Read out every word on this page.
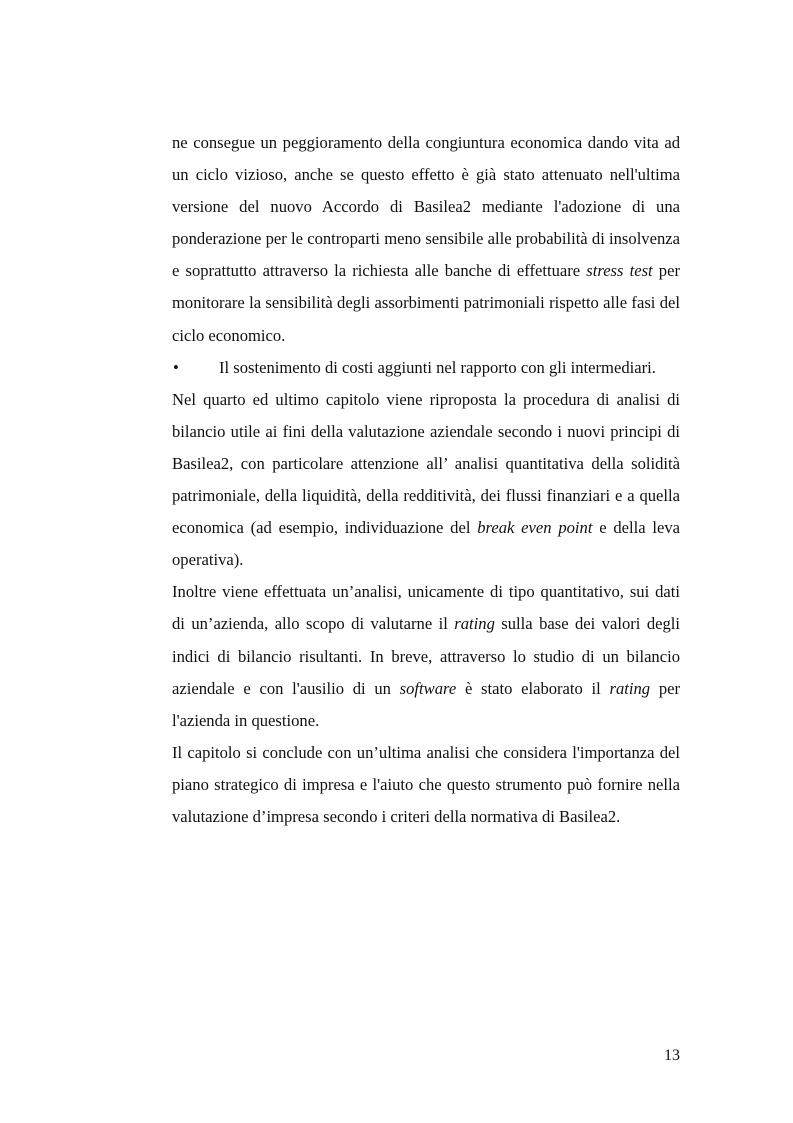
ne consegue un peggioramento della congiuntura economica dando vita ad un ciclo vizioso, anche se questo effetto è già stato attenuato nell'ultima versione del nuovo Accordo di Basilea2 mediante l'adozione di una ponderazione per le controparti meno sensibile alle probabilità di insolvenza e soprattutto attraverso la richiesta alle banche di effettuare stress test per monitorare la sensibilità degli assorbimenti patrimoniali rispetto alle fasi del ciclo economico.

• Il sostenimento di costi aggiunti nel rapporto con gli intermediari.

Nel quarto ed ultimo capitolo viene riproposta la procedura di analisi di bilancio utile ai fini della valutazione aziendale secondo i nuovi principi di Basilea2, con particolare attenzione all’ analisi quantitativa della solidità patrimoniale, della liquidità, della redditività, dei flussi finanziari e a quella economica (ad esempio, individuazione del break even point e della leva operativa).

Inoltre viene effettuata un’analisi, unicamente di tipo quantitativo, sui dati di un’azienda, allo scopo di valutarne il rating sulla base dei valori degli indici di bilancio risultanti. In breve, attraverso lo studio di un bilancio aziendale e con l'ausilio di un software è stato elaborato il rating per l'azienda in questione.

Il capitolo si conclude con un’ultima analisi che considera l'importanza del piano strategico di impresa e l'aiuto che questo strumento può fornire nella valutazione d’impresa secondo i criteri della normativa di Basilea2.

13
